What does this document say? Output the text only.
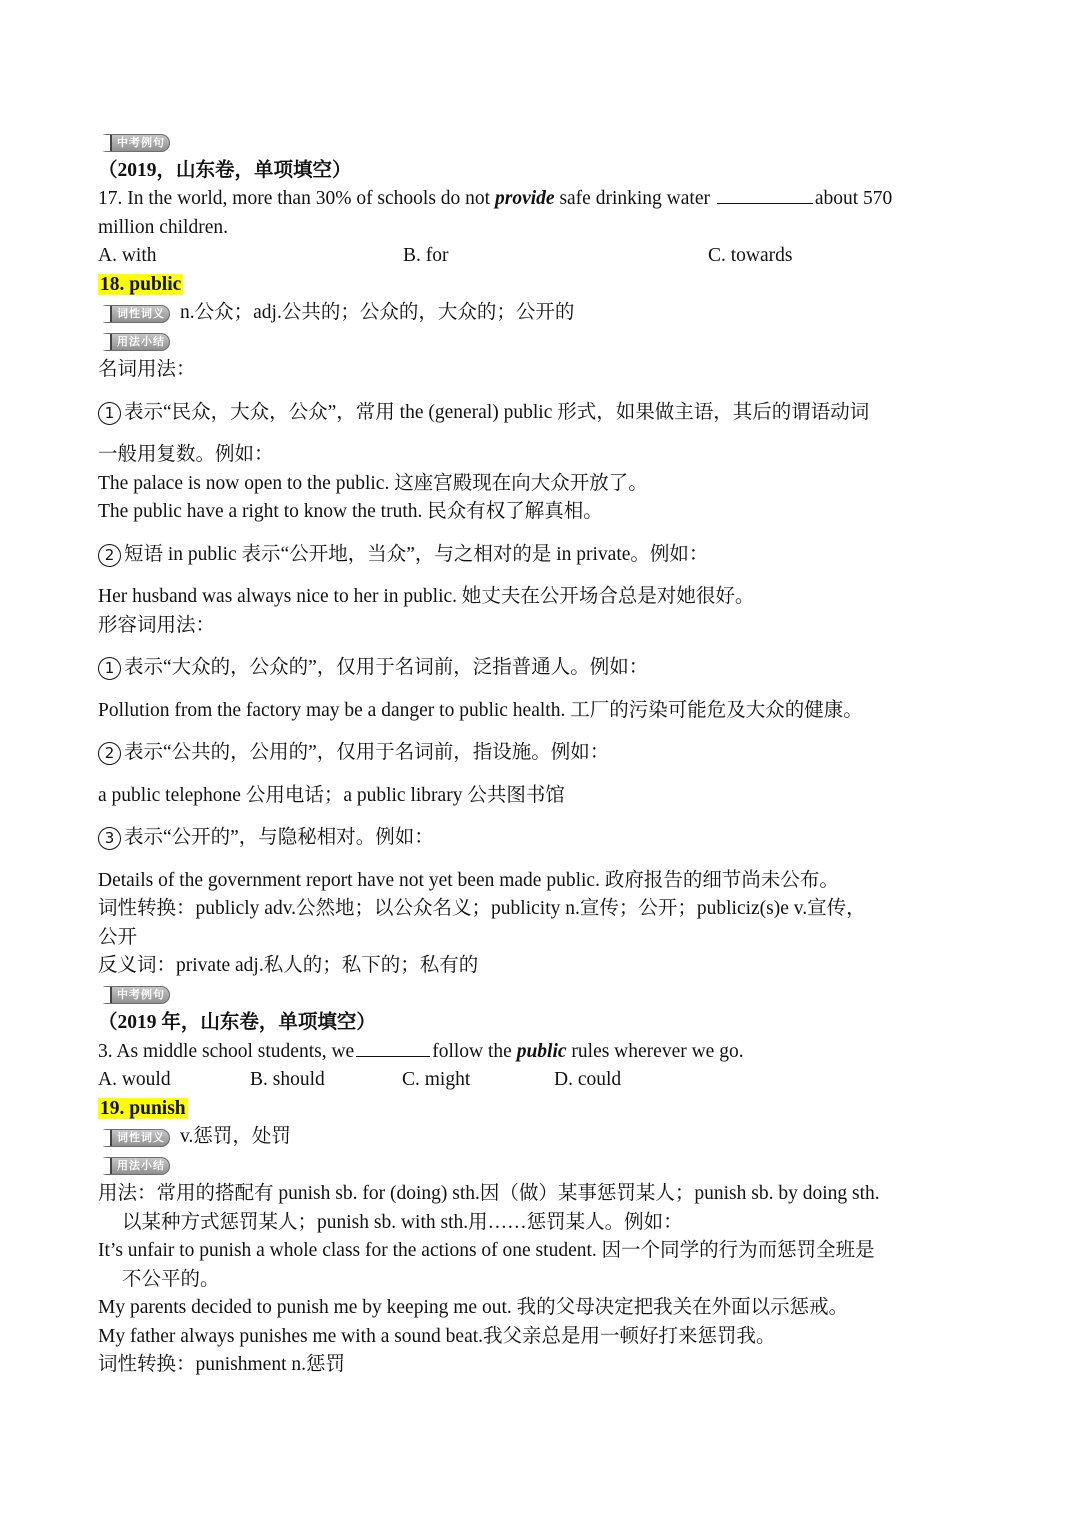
中考例句
（2019，山东卷，单项填空）
17. In the world, more than 30% of schools do not provide safe drinking water	about 570
million children.
A. with	B. for	C. towards
18. public
词性词义 n.公众；adj.公共的；公众的，大众的；公开的
用法小结
名词用法：
1 表示“民众，大众，公众”，常用 the (general) public 形式，如果做主语，其后的谓语动词
一般用复数。例如：
The palace is now open to the public. 这座宫殿现在向大众开放了。
The public have a right to know the truth. 民众有权了解真相。
2 短语 in public 表示“公开地，当众”，与之相对的是 in private。例如：
Her husband was always nice to her in public. 她丈夫在公开场合总是对她很好。
形容词用法：
1 表示“大众的，公众的”，仅用于名词前，泛指普通人。例如：
Pollution from the factory may be a danger to public health. 工厂的污染可能危及大众的健康。
2 表示“公共的，公用的”，仅用于名词前，指设施。例如：
a public telephone 公用电话；a public library 公共图书馆
3 表示“公开的”，与隐秘相对。例如：
Details of the government report have not yet been made public. 政府报告的细节尚未公布。
词性转换：publicly adv.公然地；以公众名义；publicity n.宣传；公开；publiciz(s)e v.宣传，
公开
反义词：private adj.私人的；私下的；私有的
中考例句
（2019 年，山东卷，单项填空）
3. As middle school students, we	follow the public rules wherever we go.
A. would	B. should	C. might	D. could
19. punish
词性词义 v.惩罚，处罚
用法小结
用法：常用的搭配有 punish sb. for (doing) sth.因（做）某事惩罚某人；punish sb. by doing sth.
以某种方式惩罚某人；punish sb. with sth.用……惩罚某人。例如：
It’s unfair to punish a whole class for the actions of one student. 因一个同学的行为而惩罚全班是
不公平的。
My parents decided to punish me by keeping me out. 我的父母决定把我关在外面以示惩戒。
My father always punishes me with a sound beat.我父亲总是用一顿好打来惩罚我。
词性转换：punishment n.惩罚
